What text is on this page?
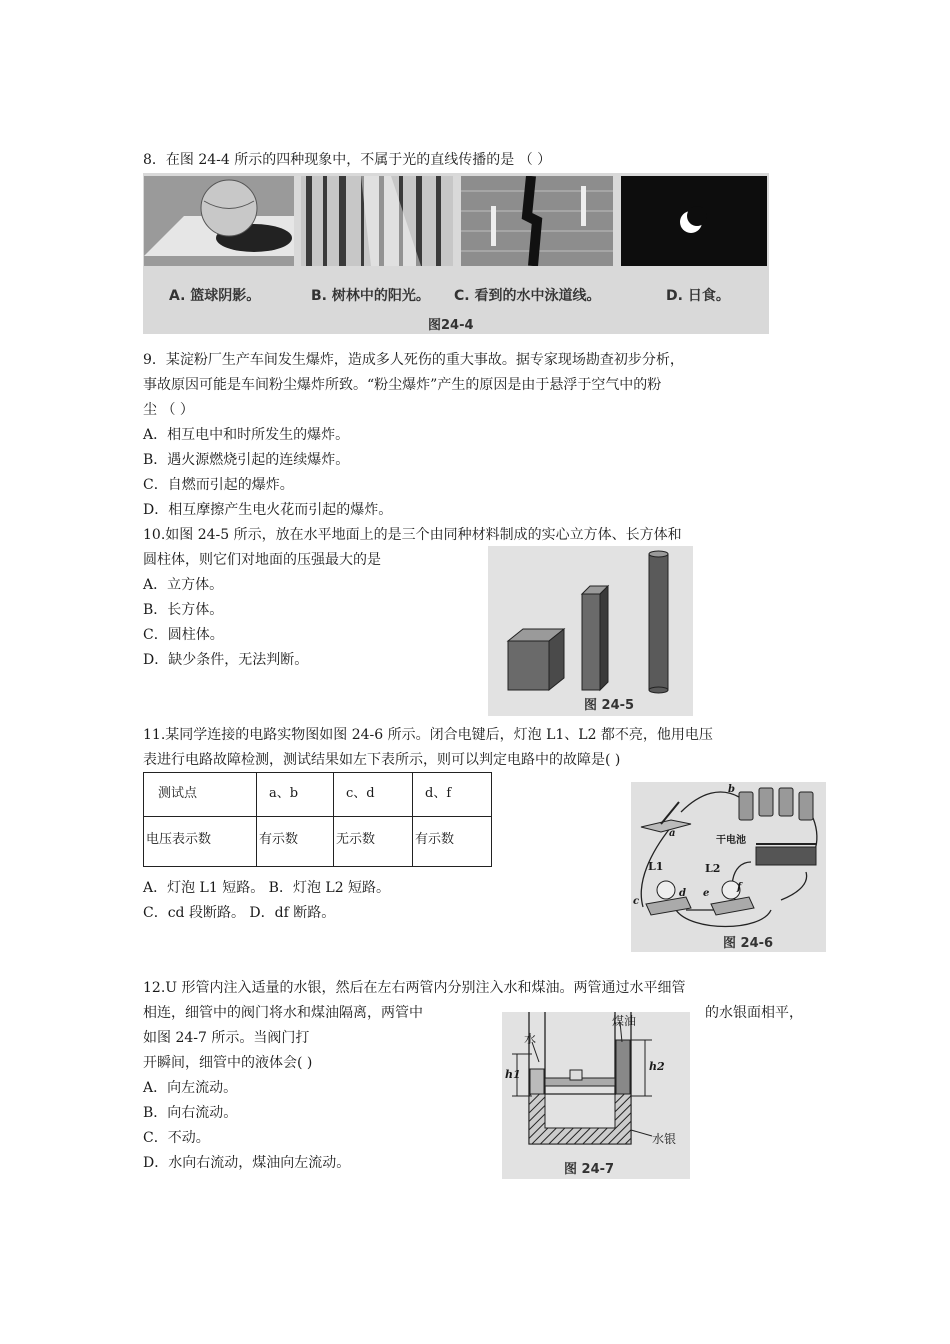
8．在图 24-4 所示的四种现象中，不属于光的直线传播的是 （ ）
A. 篮球阴影。	B. 树林中的阳光。 C. 看到的水中泳道线。	D. 日食。
图24-4
9．某淀粉厂生产车间发生爆炸，造成多人死伤的重大事故。据专家现场勘查初步分析，
事故原因可能是车间粉尘爆炸所致。“粉尘爆炸”产生的原因是由于悬浮于空气中的粉
尘 （ ）
A．相互电中和时所发生的爆炸。
B．遇火源燃烧引起的连续爆炸。
C．自燃而引起的爆炸。
D．相互摩擦产生电火花而引起的爆炸。
10.如图 24-5 所示，放在水平地面上的是三个由同种材料制成的实心立方体、长方体和
圆柱体，则它们对地面的压强最大的是
A．立方体。
B．长方体。
C．圆柱体。
D．缺少条件，无法判断。
图 24-5
11.某同学连接的电路实物图如图 24-6 所示。闭合电键后，灯泡 L1、L2 都不亮，他用电压
表进行电路故障检测，测试结果如左下表所示，则可以判定电路中的故障是( )
测试点	a、b	c、d	d、f
电压表示数	有示数	无示数	有示数
A．灯泡 L1 短路。 B．灯泡 L2 短路。
C．cd 段断路。 D．df 断路。
干电池
a
L1	L2
b
c
d e
f
图 24-6
12.U 形管内注入适量的水银，然后在左右两管内分别注入水和煤油。两管通过水平细管
相连，细管中的阀门将水和煤油隔离，两管中	的水银面相平，
如图 24-7 所示。当阀门打
开瞬间，细管中的液体会( )
A．向左流动。
B．向右流动。
C．不动。
D．水向右流动，煤油向左流动。
水
煤油
h1
h2
水银
图 24-7
